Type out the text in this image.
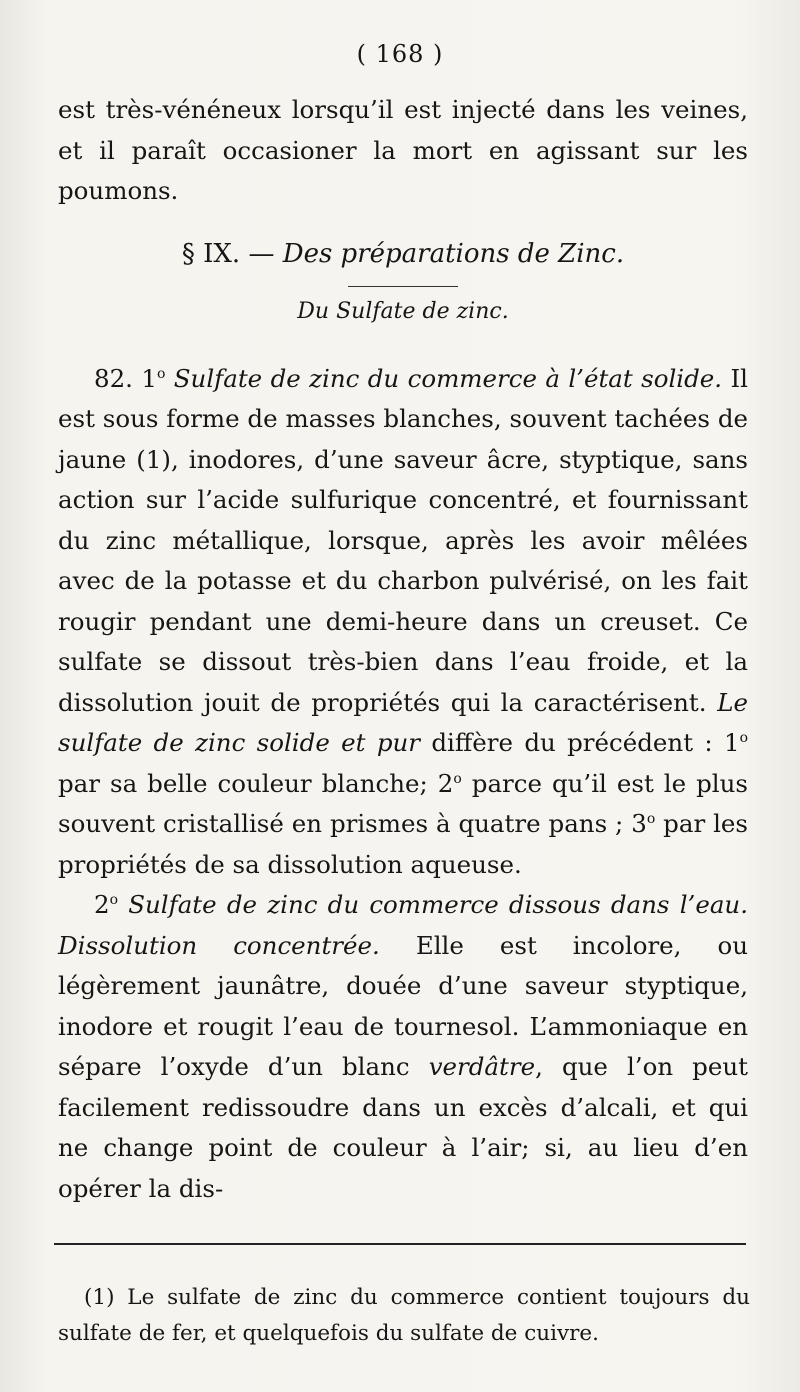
( 168 )

est très-vénéneux lorsqu’il est injecté dans les veines, et il paraît occasioner la mort en agissant sur les poumons.

§ IX. — Des préparations de Zinc.
Du Sulfate de zinc.

82. 1$^o$ Sulfate de zinc du commerce à l’état solide. Il est sous forme de masses blanches, souvent tachées de jaune (1), inodores, d’une saveur âcre, styptique, sans action sur l’acide sulfurique concentré, et fournissant du zinc métallique, lorsque, après les avoir mêlées avec de la potasse et du charbon pulvérisé, on les fait rougir pendant une demi-heure dans un creuset. Ce sulfate se dissout très-bien dans l’eau froide, et la dissolution jouit de propriétés qui la caractérisent. Le sulfate de zinc solide et pur diffère du précédent : 1$^o$ par sa belle couleur blanche; 2$^o$ parce qu’il est le plus souvent cristallisé en prismes à quatre pans ; 3$^o$ par les propriétés de sa dissolution aqueuse.

2$^o$ Sulfate de zinc du commerce dissous dans l’eau. Dissolution concentrée. Elle est incolore, ou légèrement jaunâtre, douée d’une saveur styptique, inodore et rougit l’eau de tournesol. L’ammoniaque en sépare l’oxyde d’un blanc verdâtre, que l’on peut facilement redissoudre dans un excès d’alcali, et qui ne change point de couleur à l’air; si, au lieu d’en opérer la dis-

(1) Le sulfate de zinc du commerce contient toujours du sulfate de fer, et quelquefois du sulfate de cuivre.
